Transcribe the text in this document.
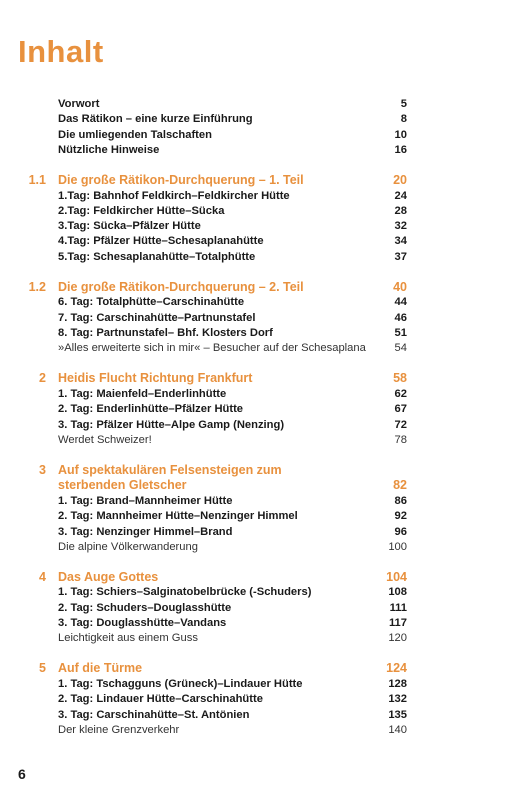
Inhalt
Vorwort	5
Das Rätikon – eine kurze Einführung	8
Die umliegenden Talschaften	10
Nützliche Hinweise	16
1.1 Die große Rätikon-Durchquerung – 1. Teil	20
1.Tag: Bahnhof Feldkirch–Feldkircher Hütte	24
2.Tag: Feldkircher Hütte–Sücka	28
3.Tag: Sücka–Pfälzer Hütte	32
4.Tag: Pfälzer Hütte–Schesaplanahütte	34
5.Tag: Schesaplanahütte–Totalphütte	37
1.2 Die große Rätikon-Durchquerung – 2. Teil	40
6. Tag: Totalphütte–Carschinahütte	44
7. Tag: Carschinahütte–Partnunstafel	46
8. Tag: Partnunstafel– Bhf. Klosters Dorf	51
»Alles erweiterte sich in mir« – Besucher auf der Schesaplana	54
2 Heidis Flucht Richtung Frankfurt	58
1. Tag: Maienfeld–Enderlinhütte	62
2. Tag: Enderlinhütte–Pfälzer Hütte	67
3. Tag: Pfälzer Hütte–Alpe Gamp (Nenzing)	72
Werdet Schweizer!	78
3 Auf spektakulären Felsensteigen zum
sterbenden Gletscher	82
1. Tag: Brand–Mannheimer Hütte	86
2. Tag: Mannheimer Hütte–Nenzinger Himmel	92
3. Tag: Nenzinger Himmel–Brand	96
Die alpine Völkerwanderung	100
4 Das Auge Gottes	104
1. Tag: Schiers–Salginatobelbrücke (-Schuders)	108
2. Tag: Schuders–Douglasshütte	111
3. Tag: Douglasshütte–Vandans	117
Leichtigkeit aus einem Guss	120
5 Auf die Türme	124
1. Tag: Tschagguns (Grüneck)–Lindauer Hütte	128
2. Tag: Lindauer Hütte–Carschinahütte	132
3. Tag: Carschinahütte–St. Antönien	135
Der kleine Grenzverkehr	140
6
